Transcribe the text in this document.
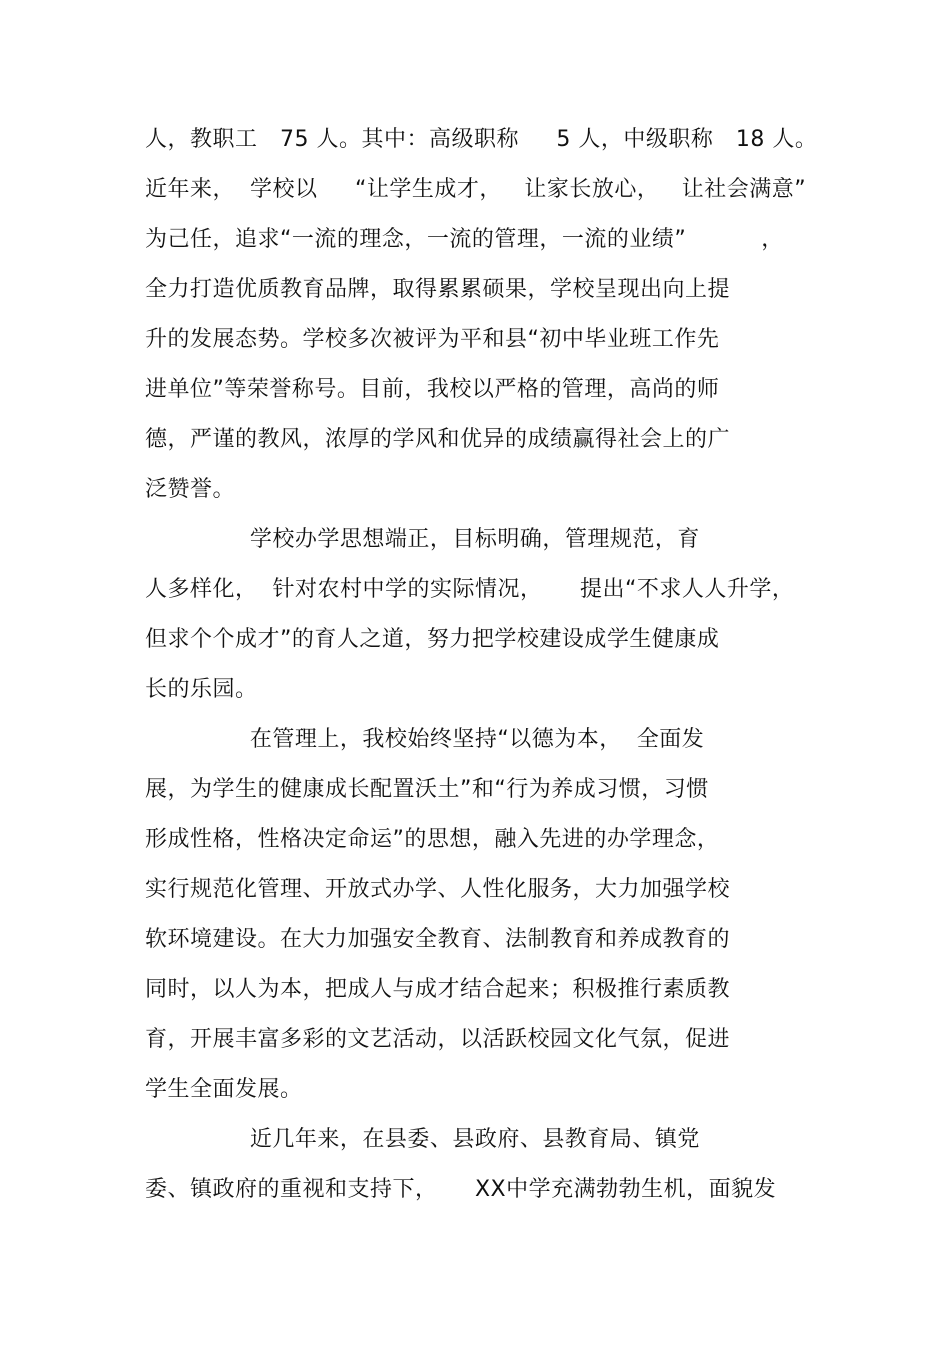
人，教职工   75 人。其中：高级职称     5 人，中级职称   18 人。
近年来，  学校以     “让学生成才，   让家长放心，   让社会满意”
为己任，追求“一流的理念，一流的管理，一流的业绩”          ，
全力打造优质教育品牌，取得累累硕果，学校呈现出向上提
升的发展态势。学校多次被评为平和县“初中毕业班工作先
进单位”等荣誉称号。目前，我校以严格的管理，高尚的师
德，严谨的教风，浓厚的学风和优异的成绩赢得社会上的广
泛赞誉。
学校办学思想端正，目标明确，管理规范，育
人多样化，  针对农村中学的实际情况，     提出“不求人人升学，
但求个个成才”的育人之道，努力把学校建设成学生健康成
长的乐园。
在管理上，我校始终坚持“以德为本，  全面发
展，为学生的健康成长配置沃土”和“行为养成习惯，习惯
形成性格，性格决定命运”的思想，融入先进的办学理念，
实行规范化管理、开放式办学、人性化服务，大力加强学校
软环境建设。在大力加强安全教育、法制教育和养成教育的
同时，以人为本，把成人与成才结合起来；积极推行素质教
育，开展丰富多彩的文艺活动，以活跃校园文化气氛，促进
学生全面发展。
近几年来，在县委、县政府、县教育局、镇党
委、镇政府的重视和支持下，     XX中学充满勃勃生机，面貌发
